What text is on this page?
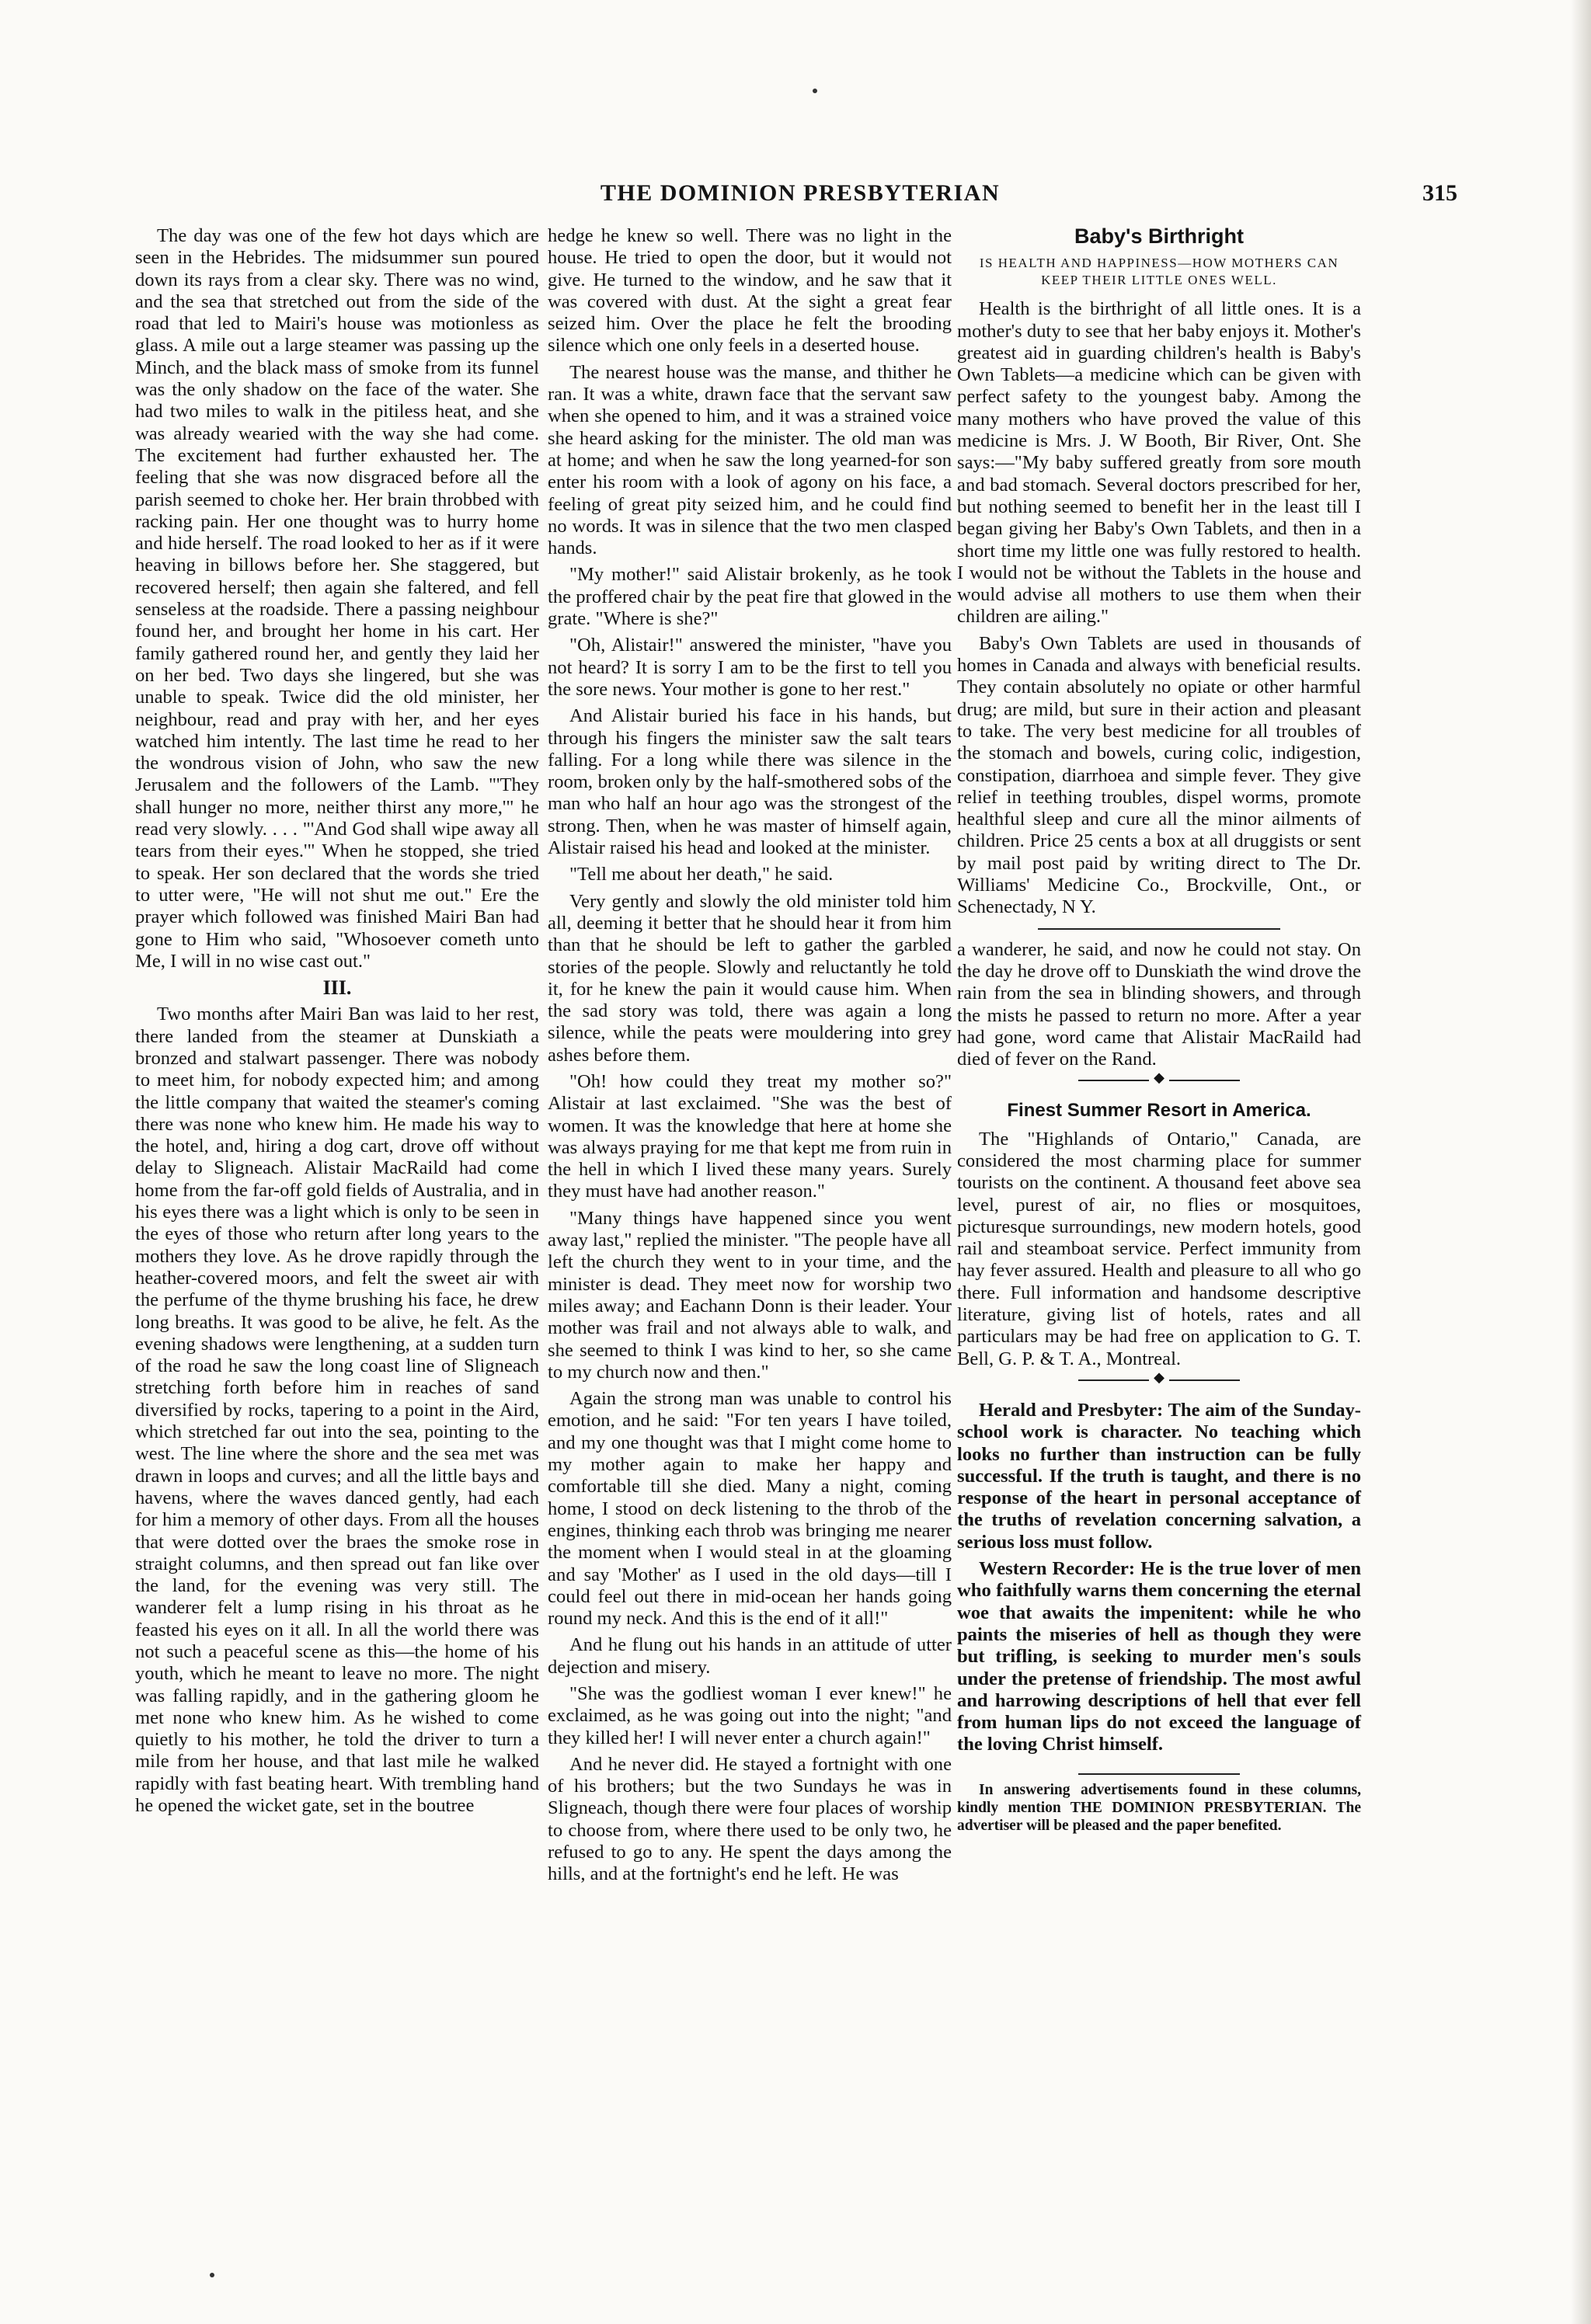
THE DOMINION PRESBYTERIAN	315

The day was one of the few hot days which are seen in the Hebrides. The midsummer sun poured down its rays from a clear sky. There was no wind, and the sea that stretched out from the side of the road that led to Mairi's house was motionless as glass. A mile out a large steamer was passing up the Minch, and the black mass of smoke from its funnel was the only shadow on the face of the water. She had two miles to walk in the pitiless heat, and she was already wearied with the way she had come. The excitement had further exhausted her. The feeling that she was now disgraced before all the parish seemed to choke her. Her brain throbbed with racking pain. Her one thought was to hurry home and hide herself. The road looked to her as if it were heaving in billows before her. She staggered, but recovered herself; then again she faltered, and fell senseless at the roadside. There a passing neighbour found her, and brought her home in his cart. Her family gathered round her, and gently they laid her on her bed. Two days she lingered, but she was unable to speak. Twice did the old minister, her neighbour, read and pray with her, and her eyes watched him intently. The last time he read to her the wondrous vision of John, who saw the new Jerusalem and the followers of the Lamb. "'They shall hunger no more, neither thirst any more,'" he read very slowly. . . . "'And God shall wipe away all tears from their eyes.'" When he stopped, she tried to speak. Her son declared that the words she tried to utter were, "He will not shut me out." Ere the prayer which followed was finished Mairi Ban had gone to Him who said, "Whosoever cometh unto Me, I will in no wise cast out."

III.

Two months after Mairi Ban was laid to her rest, there landed from the steamer at Dunskiath a bronzed and stalwart passenger. There was nobody to meet him, for nobody expected him; and among the little company that waited the steamer's coming there was none who knew him. He made his way to the hotel, and, hiring a dog cart, drove off without delay to Sligneach. Alistair MacRaild had come home from the far-off gold fields of Australia, and in his eyes there was a light which is only to be seen in the eyes of those who return after long years to the mothers they love. As he drove rapidly through the heather-covered moors, and felt the sweet air with the perfume of the thyme brushing his face, he drew long breaths. It was good to be alive, he felt. As the evening shadows were lengthening, at a sudden turn of the road he saw the long coast line of Sligneach stretching forth before him in reaches of sand diversified by rocks, tapering to a point in the Aird, which stretched far out into the sea, pointing to the west. The line where the shore and the sea met was drawn in loops and curves; and all the little bays and havens, where the waves danced gently, had each for him a memory of other days. From all the houses that were dotted over the braes the smoke rose in straight columns, and then spread out fan like over the land, for the evening was very still. The wanderer felt a lump rising in his throat as he feasted his eyes on it all. In all the world there was not such a peaceful scene as this—the home of his youth, which he meant to leave no more. The night was falling rapidly, and in the gathering gloom he met none who knew him. As he wished to come quietly to his mother, he told the driver to turn a mile from her house, and that last mile he walked rapidly with fast beating heart. With trembling hand he opened the wicket gate, set in the boutree

hedge he knew so well. There was no light in the house. He tried to open the door, but it would not give. He turned to the window, and he saw that it was covered with dust. At the sight a great fear seized him. Over the place he felt the brooding silence which one only feels in a deserted house.

The nearest house was the manse, and thither he ran. It was a white, drawn face that the servant saw when she opened to him, and it was a strained voice she heard asking for the minister. The old man was at home; and when he saw the long yearned-for son enter his room with a look of agony on his face, a feeling of great pity seized him, and he could find no words. It was in silence that the two men clasped hands.

"My mother!" said Alistair brokenly, as he took the proffered chair by the peat fire that glowed in the grate. "Where is she?"

"Oh, Alistair!" answered the minister, "have you not heard? It is sorry I am to be the first to tell you the sore news. Your mother is gone to her rest."

And Alistair buried his face in his hands, but through his fingers the minister saw the salt tears falling. For a long while there was silence in the room, broken only by the half-smothered sobs of the man who half an hour ago was the strongest of the strong. Then, when he was master of himself again, Alistair raised his head and looked at the minister.

"Tell me about her death," he said.

Very gently and slowly the old minister told him all, deeming it better that he should hear it from him than that he should be left to gather the garbled stories of the people. Slowly and reluctantly he told it, for he knew the pain it would cause him. When the sad story was told, there was again a long silence, while the peats were mouldering into grey ashes before them.

"Oh! how could they treat my mother so?" Alistair at last exclaimed. "She was the best of women. It was the knowledge that here at home she was always praying for me that kept me from ruin in the hell in which I lived these many years. Surely they must have had another reason."

"Many things have happened since you went away last," replied the minister. "The people have all left the church they went to in your time, and the minister is dead. They meet now for worship two miles away; and Eachann Donn is their leader. Your mother was frail and not always able to walk, and she seemed to think I was kind to her, so she came to my church now and then."

Again the strong man was unable to control his emotion, and he said: "For ten years I have toiled, and my one thought was that I might come home to my mother again to make her happy and comfortable till she died. Many a night, coming home, I stood on deck listening to the throb of the engines, thinking each throb was bringing me nearer the moment when I would steal in at the gloaming and say 'Mother' as I used in the old days—till I could feel out there in mid-ocean her hands going round my neck. And this is the end of it all!"

And he flung out his hands in an attitude of utter dejection and misery.

"She was the godliest woman I ever knew!" he exclaimed, as he was going out into the night; "and they killed her! I will never enter a church again!"

And he never did. He stayed a fortnight with one of his brothers; but the two Sundays he was in Sligneach, though there were four places of worship to choose from, where there used to be only two, he refused to go to any. He spent the days among the hills, and at the fortnight's end he left. He was

Baby's Birthright
IS HEALTH AND HAPPINESS—HOW MOTHERS CAN KEEP THEIR LITTLE ONES WELL.

Health is the birthright of all little ones. It is a mother's duty to see that her baby enjoys it. Mother's greatest aid in guarding children's health is Baby's Own Tablets—a medicine which can be given with perfect safety to the youngest baby. Among the many mothers who have proved the value of this medicine is Mrs. J. W Booth, Bir River, Ont. She says:—"My baby suffered greatly from sore mouth and bad stomach. Several doctors prescribed for her, but nothing seemed to benefit her in the least till I began giving her Baby's Own Tablets, and then in a short time my little one was fully restored to health. I would not be without the Tablets in the house and would advise all mothers to use them when their children are ailing."

Baby's Own Tablets are used in thousands of homes in Canada and always with beneficial results. They contain absolutely no opiate or other harmful drug; are mild, but sure in their action and pleasant to take. The very best medicine for all troubles of the stomach and bowels, curing colic, indigestion, constipation, diarrhoea and simple fever. They give relief in teething troubles, dispel worms, promote healthful sleep and cure all the minor ailments of children. Price 25 cents a box at all druggists or sent by mail post paid by writing direct to The Dr. Williams' Medicine Co., Brockville, Ont., or Schenectady, N Y.

a wanderer, he said, and now he could not stay. On the day he drove off to Dunskiath the wind drove the rain from the sea in blinding showers, and through the mists he passed to return no more. After a year had gone, word came that Alistair MacRaild had died of fever on the Rand.

◆
Finest Summer Resort in America.

The "Highlands of Ontario," Canada, are considered the most charming place for summer tourists on the continent. A thousand feet above sea level, purest of air, no flies or mosquitoes, picturesque surroundings, new modern hotels, good rail and steamboat service. Perfect immunity from hay fever assured. Health and pleasure to all who go there. Full information and handsome descriptive literature, giving list of hotels, rates and all particulars may be had free on application to G. T. Bell, G. P. & T. A., Montreal.

◆

Herald and Presbyter: The aim of the Sunday-school work is character. No teaching which looks no further than instruction can be fully successful. If the truth is taught, and there is no response of the heart in personal acceptance of the truths of revelation concerning salvation, a serious loss must follow.

Western Recorder: He is the true lover of men who faithfully warns them concerning the eternal woe that awaits the impenitent: while he who paints the miseries of hell as though they were but trifling, is seeking to murder men's souls under the pretense of friendship. The most awful and harrowing descriptions of hell that ever fell from human lips do not exceed the language of the loving Christ himself.

In answering advertisements found in these columns, kindly mention THE DOMINION PRESBYTERIAN. The advertiser will be pleased and the paper benefited.
